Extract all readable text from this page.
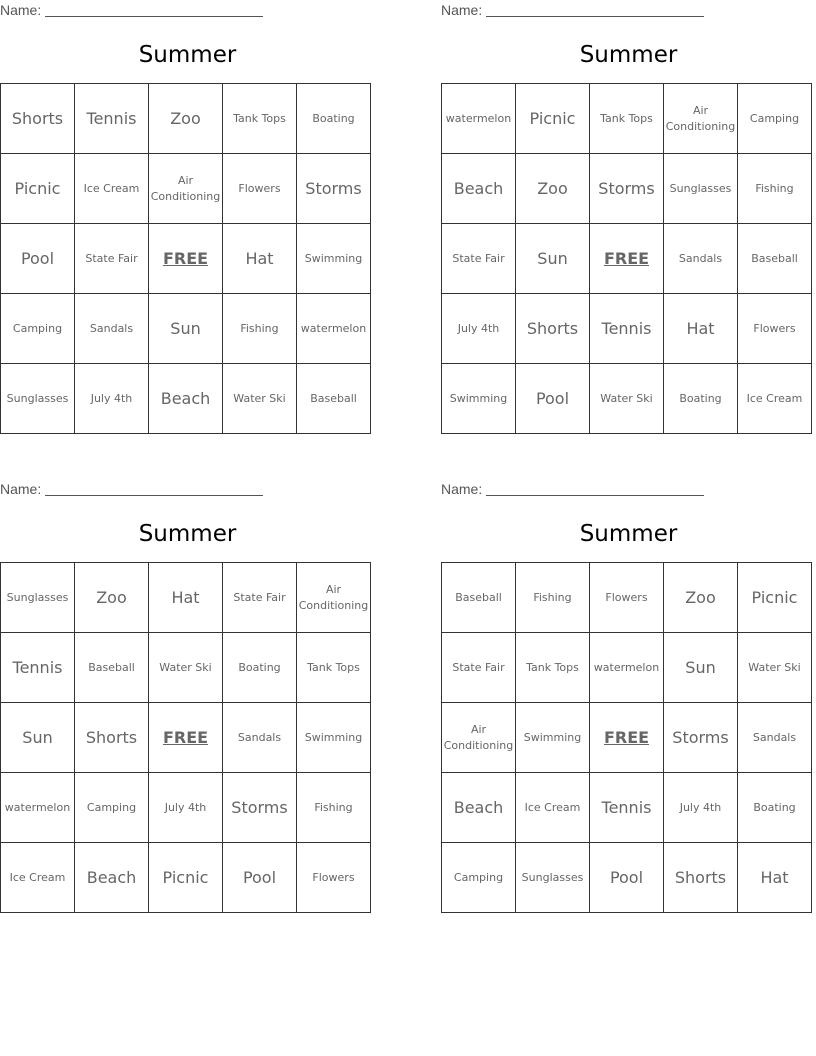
Name:
Summer
Shorts	Tennis	Zoo	Tank Tops	Boating
Picnic	Ice Cream	Air Conditioning	Flowers	Storms
Pool	State Fair	FREE	Hat	Swimming
Camping	Sandals	Sun	Fishing	watermelon
Sunglasses	July 4th	Beach	Water Ski	Baseball
Name:
Summer
watermelon	Picnic	Tank Tops	Air Conditioning	Camping
Beach	Zoo	Storms	Sunglasses	Fishing
State Fair	Sun	FREE	Sandals	Baseball
July 4th	Shorts	Tennis	Hat	Flowers
Swimming	Pool	Water Ski	Boating	Ice Cream
Name:
Summer
Sunglasses	Zoo	Hat	State Fair	Air Conditioning
Tennis	Baseball	Water Ski	Boating	Tank Tops
Sun	Shorts	FREE	Sandals	Swimming
watermelon	Camping	July 4th	Storms	Fishing
Ice Cream	Beach	Picnic	Pool	Flowers
Name:
Summer
Baseball	Fishing	Flowers	Zoo	Picnic
State Fair	Tank Tops	watermelon	Sun	Water Ski
Air Conditioning	Swimming	FREE	Storms	Sandals
Beach	Ice Cream	Tennis	July 4th	Boating
Camping	Sunglasses	Pool	Shorts	Hat
